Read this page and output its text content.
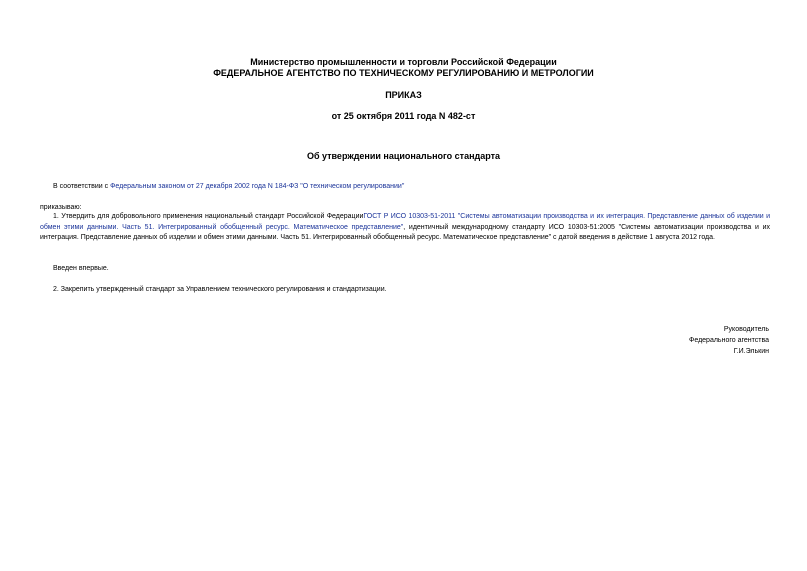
Министерство промышленности и торговли Российской Федерации
ФЕДЕРАЛЬНОЕ АГЕНТСТВО ПО ТЕХНИЧЕСКОМУ РЕГУЛИРОВАНИЮ И МЕТРОЛОГИИ
ПРИКАЗ
от 25 октября 2011 года N 482-ст
Об утверждении национального стандарта
В соответствии с Федеральным законом от 27 декабря 2002 года N 184-ФЗ "О техническом регулировании"
приказываю:
1. Утвердить для добровольного применения национальный стандарт Российской ФедерацииГОСТ Р ИСО 10303-51-2011 "Системы автоматизации производства и их интеграция. Представление данных об изделии и обмен этими данными. Часть 51. Интегрированный обобщенный ресурс. Математическое представление", идентичный международному стандарту ИСО 10303-51:2005 "Системы автоматизации производства и их интеграция. Представление данных об изделии и обмен этими данными. Часть 51. Интегрированный обобщенный ресурс. Математическое представление" с датой введения в действие 1 августа 2012 года.
Введен впервые.
2. Закрепить утвержденный стандарт за Управлением технического регулирования и стандартизации.
Руководитель
Федерального агентства
Г.И.Элькин
